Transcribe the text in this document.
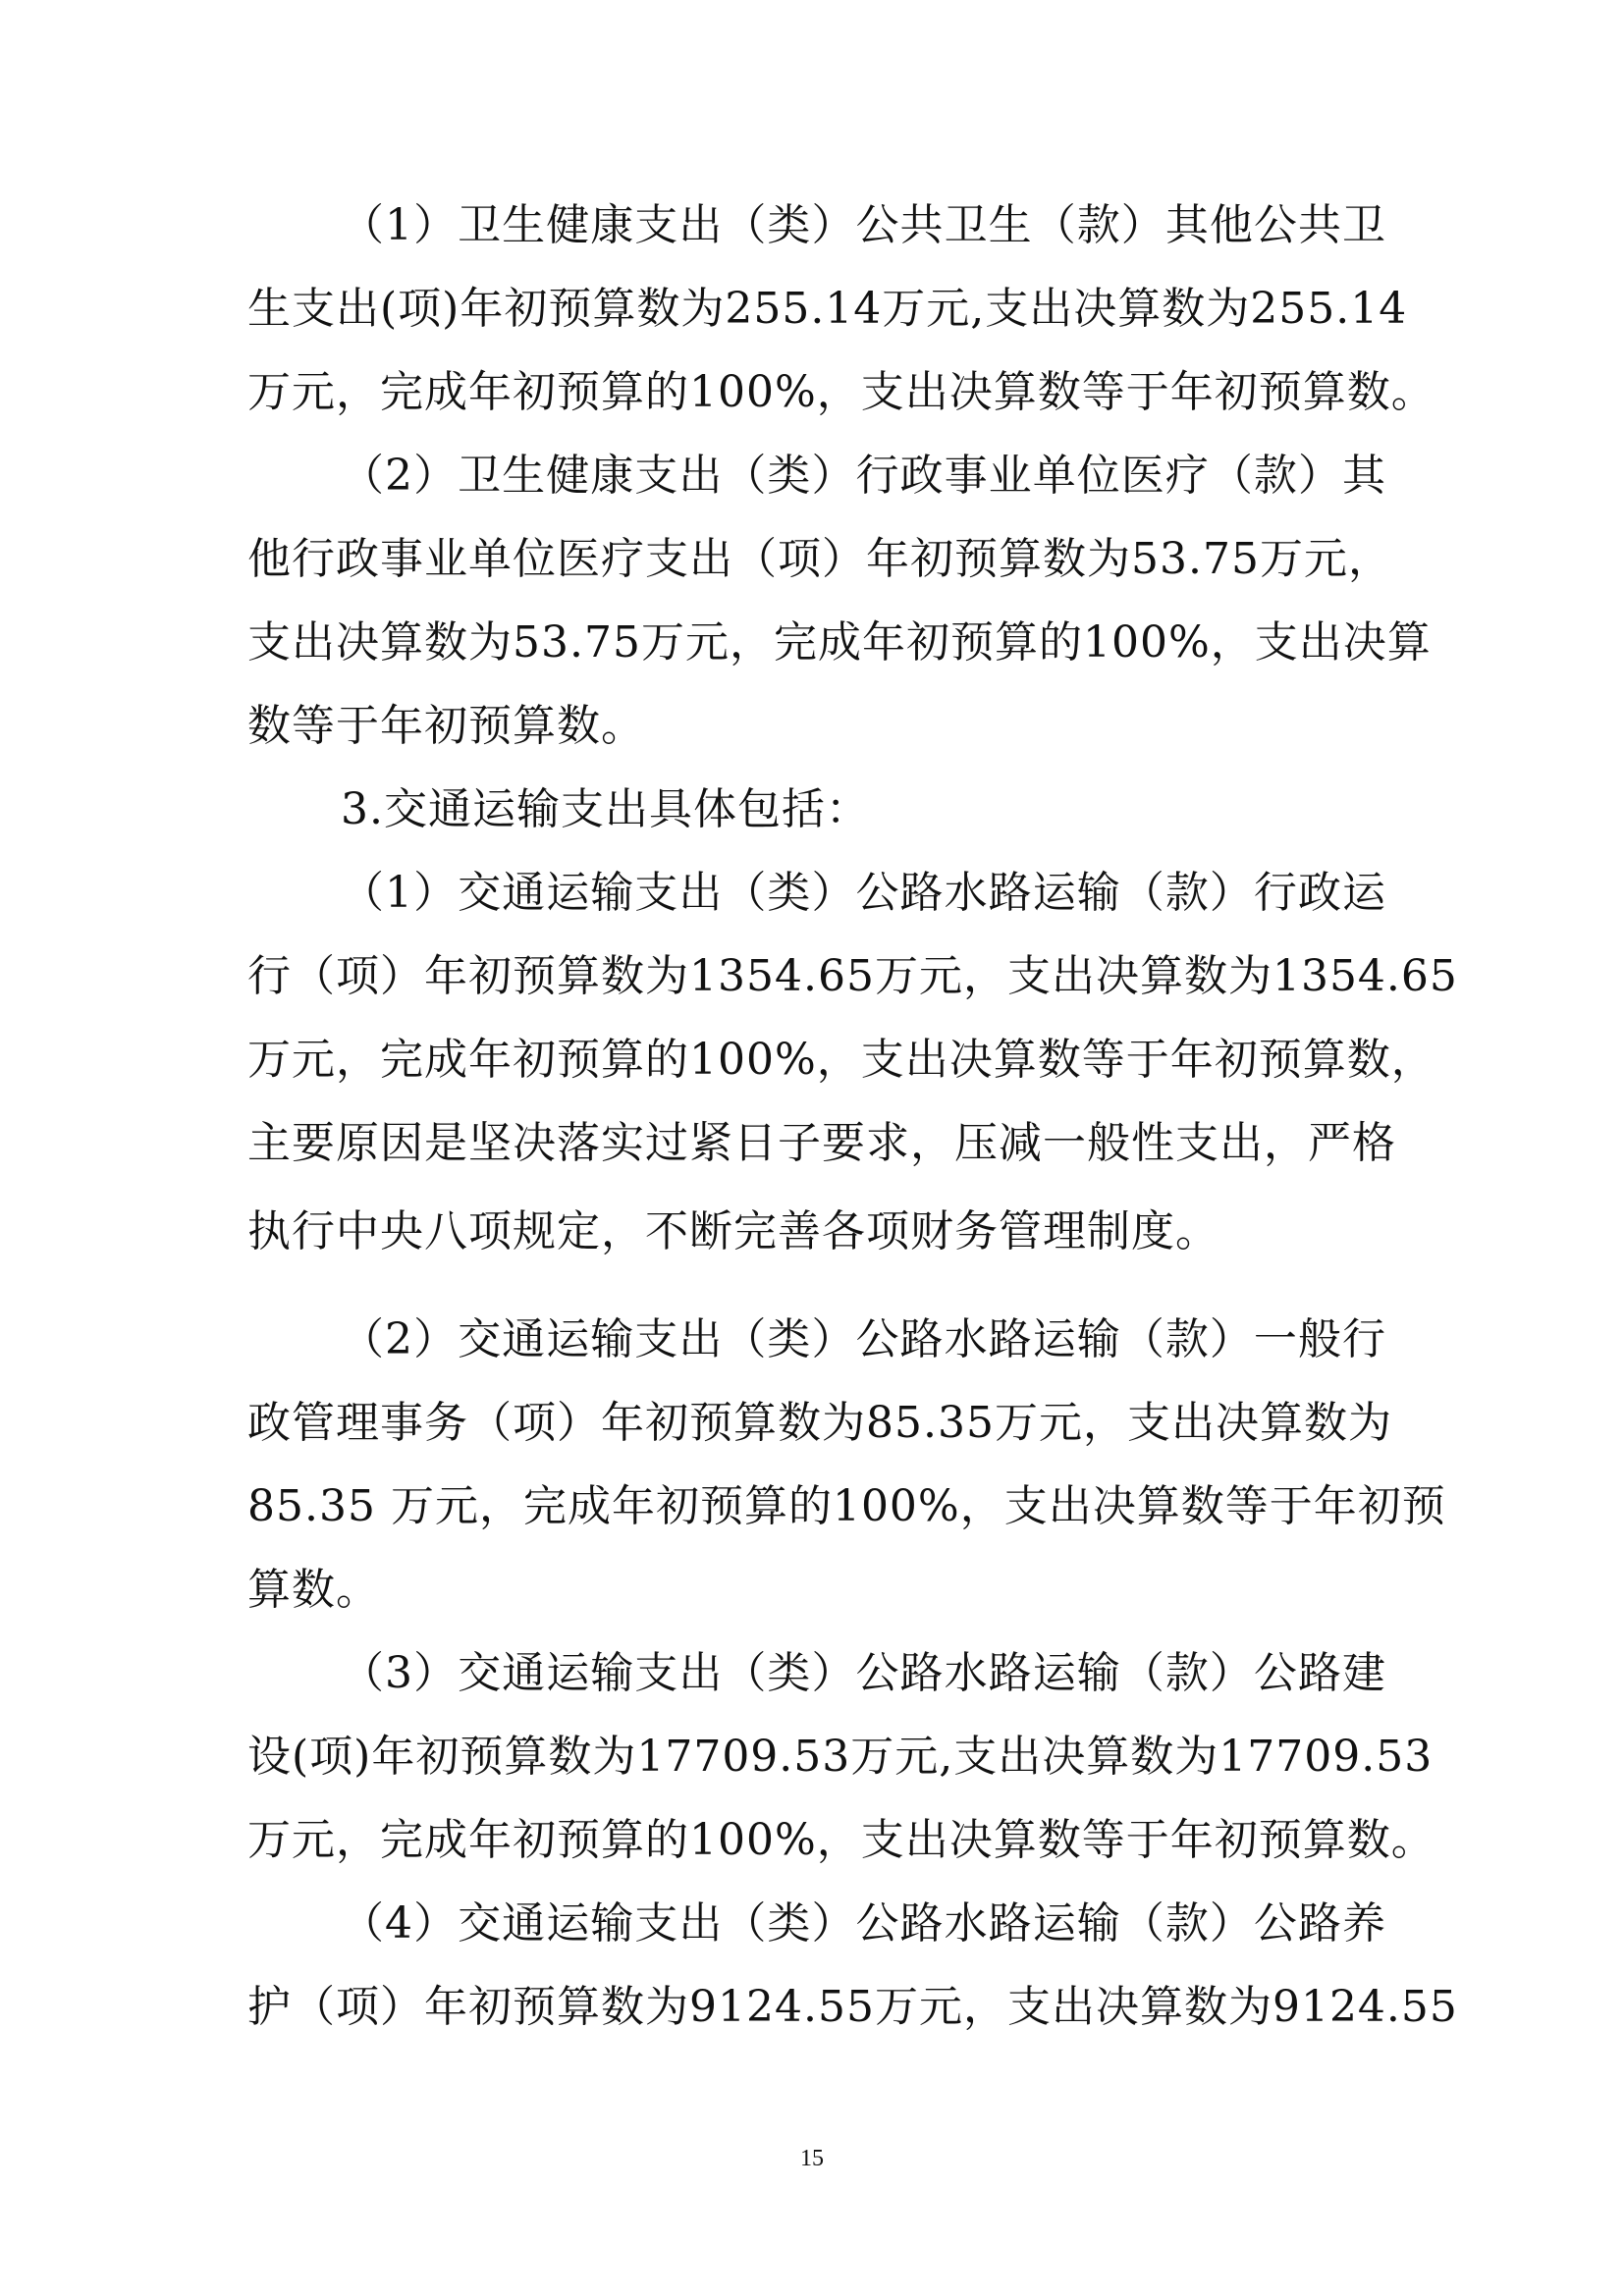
（1）卫生健康支出（类）公共卫生（款）其他公共卫
生支出(项)年初预算数为255.14万元,支出决算数为255.14
万元，完成年初预算的100%，支出决算数等于年初预算数。
（2）卫生健康支出（类）行政事业单位医疗（款）其
他行政事业单位医疗支出（项）年初预算数为53.75万元，
支出决算数为53.75万元，完成年初预算的100%，支出决算
数等于年初预算数。
3.交通运输支出具体包括：
（1）交通运输支出（类）公路水路运输（款）行政运
行（项）年初预算数为1354.65万元，支出决算数为1354.65
万元，完成年初预算的100%，支出决算数等于年初预算数，
主要原因是坚决落实过紧日子要求，压减一般性支出，严格
执行中央八项规定，不断完善各项财务管理制度。
（2）交通运输支出（类）公路水路运输（款）一般行
政管理事务（项）年初预算数为85.35万元，支出决算数为
85.35 万元，完成年初预算的100%，支出决算数等于年初预
算数。
（3）交通运输支出（类）公路水路运输（款）公路建
设(项)年初预算数为17709.53万元,支出决算数为17709.53
万元，完成年初预算的100%，支出决算数等于年初预算数。
（4）交通运输支出（类）公路水路运输（款）公路养
护（项）年初预算数为9124.55万元，支出决算数为9124.55
15
